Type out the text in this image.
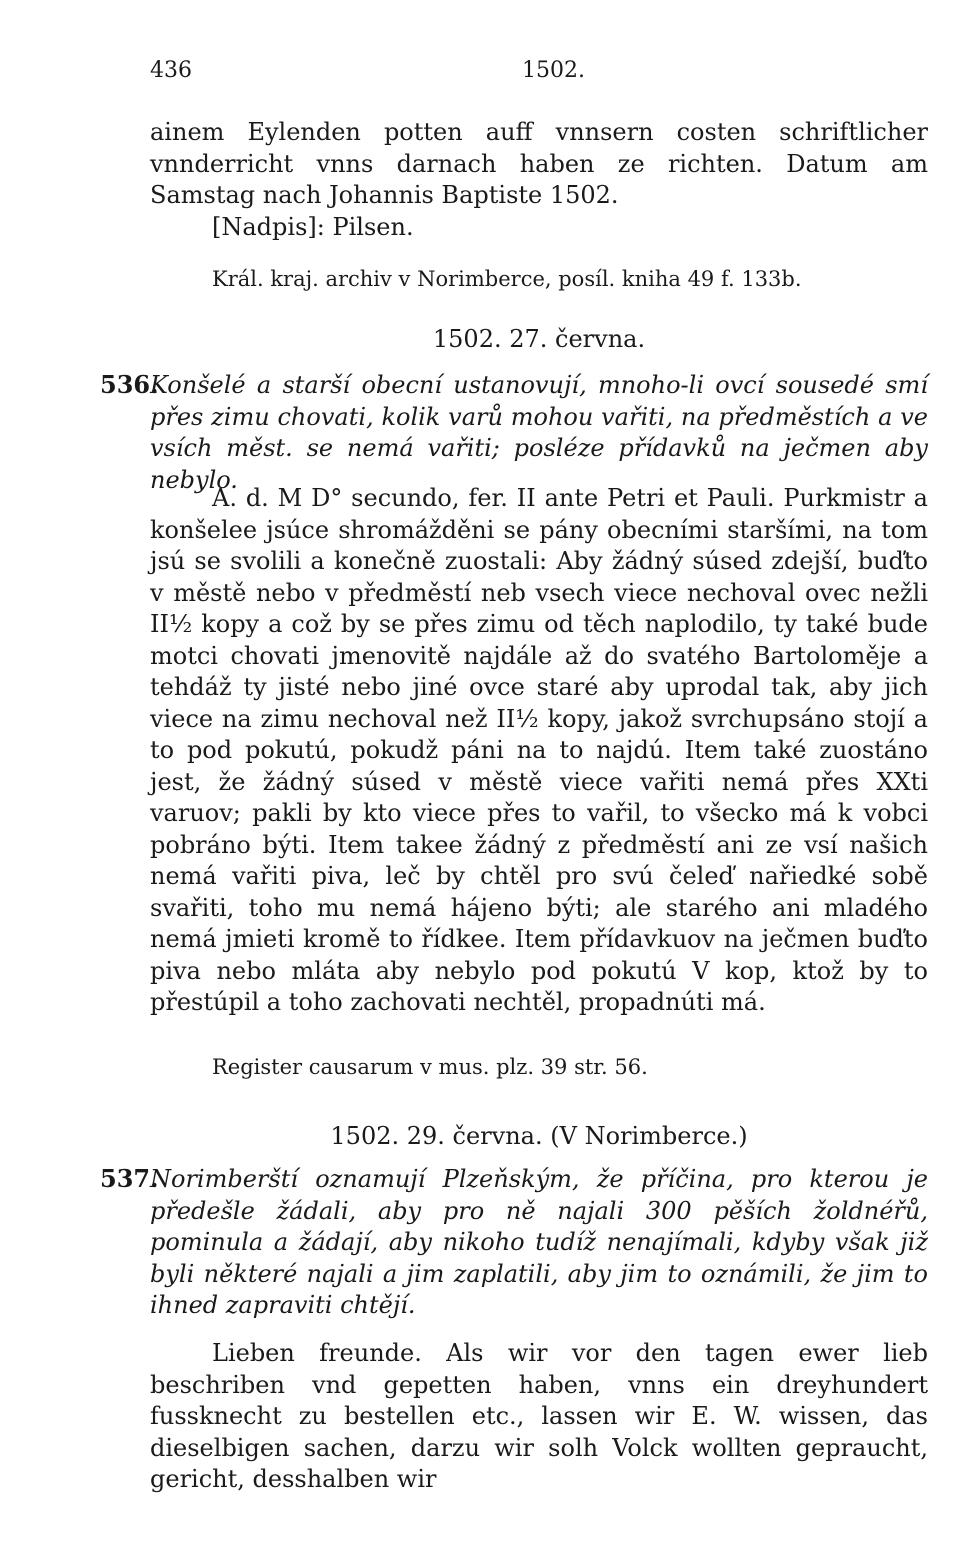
436	1502.
ainem Eylenden potten auff vnnsern costen schriftlicher vnnderricht vnns darnach haben ze richten. Datum am Samstag nach Johannis Baptiste 1502.
[Nadpis]: Pilsen.
Král. kraj. archiv v Norimberce, posíl. kniha 49 f. 133b.
1502. 27. června.
536.
Konšelé a starší obecní ustanovují, mnoho-li ovcí sousedé smí přes zimu chovati, kolik varů mohou vařiti, na předměstích a ve vsích měst. se nemá vařiti; posléze přídavků na ječmen aby nebylo.
A. d. M D° secundo, fer. II ante Petri et Pauli. Purkmistr a konšelee jsúce shromážděni se pány obecními staršími, na tom jsú se svolili a konečně zuostali: Aby žádný súsed zdejší, buďto v městě nebo v předměstí neb vsech viece nechoval ovec nežli II½ kopy a což by se přes zimu od těch naplodilo, ty také bude motci chovati jmenovitě najdále až do svatého Bartoloměje a tehdáž ty jisté nebo jiné ovce staré aby uprodal tak, aby jich viece na zimu nechoval než II½ kopy, jakož svrchupsáno stojí a to pod pokutú, pokudž páni na to najdú. Item také zuostáno jest, že žádný súsed v městě viece vařiti nemá přes XXti varuov; pakli by kto viece přes to vařil, to všecko má k vobci pobráno býti. Item takee žádný z předměstí ani ze vsí našich nemá vařiti piva, leč by chtěl pro svú čeleď nařiedké sobě svařiti, toho mu nemá hájeno býti; ale starého ani mladého nemá jmieti kromě to řídkee. Item přídavkuov na ječmen buďto piva nebo mláta aby nebylo pod pokutú V kop, ktož by to přestúpil a toho zachovati nechtěl, propadnúti má.
Register causarum v mus. plz. 39 str. 56.
1502. 29. června. (V Norimberce.)
537.
Norimberští oznamují Plzeňským, že příčina, pro kterou je předešle žádali, aby pro ně najali 300 pěších žoldnéřů, pominula a žádají, aby nikoho tudíž nenajímali, kdyby však již byli některé najali a jim zaplatili, aby jim to oznámili, že jim to ihned zapraviti chtějí.
Lieben freunde. Als wir vor den tagen ewer lieb beschriben vnd gepetten haben, vnns ein dreyhundert fussknecht zu bestellen etc., lassen wir E. W. wissen, das dieselbigen sachen, darzu wir solh Volck wollten gepraucht, gericht, desshalben wir
